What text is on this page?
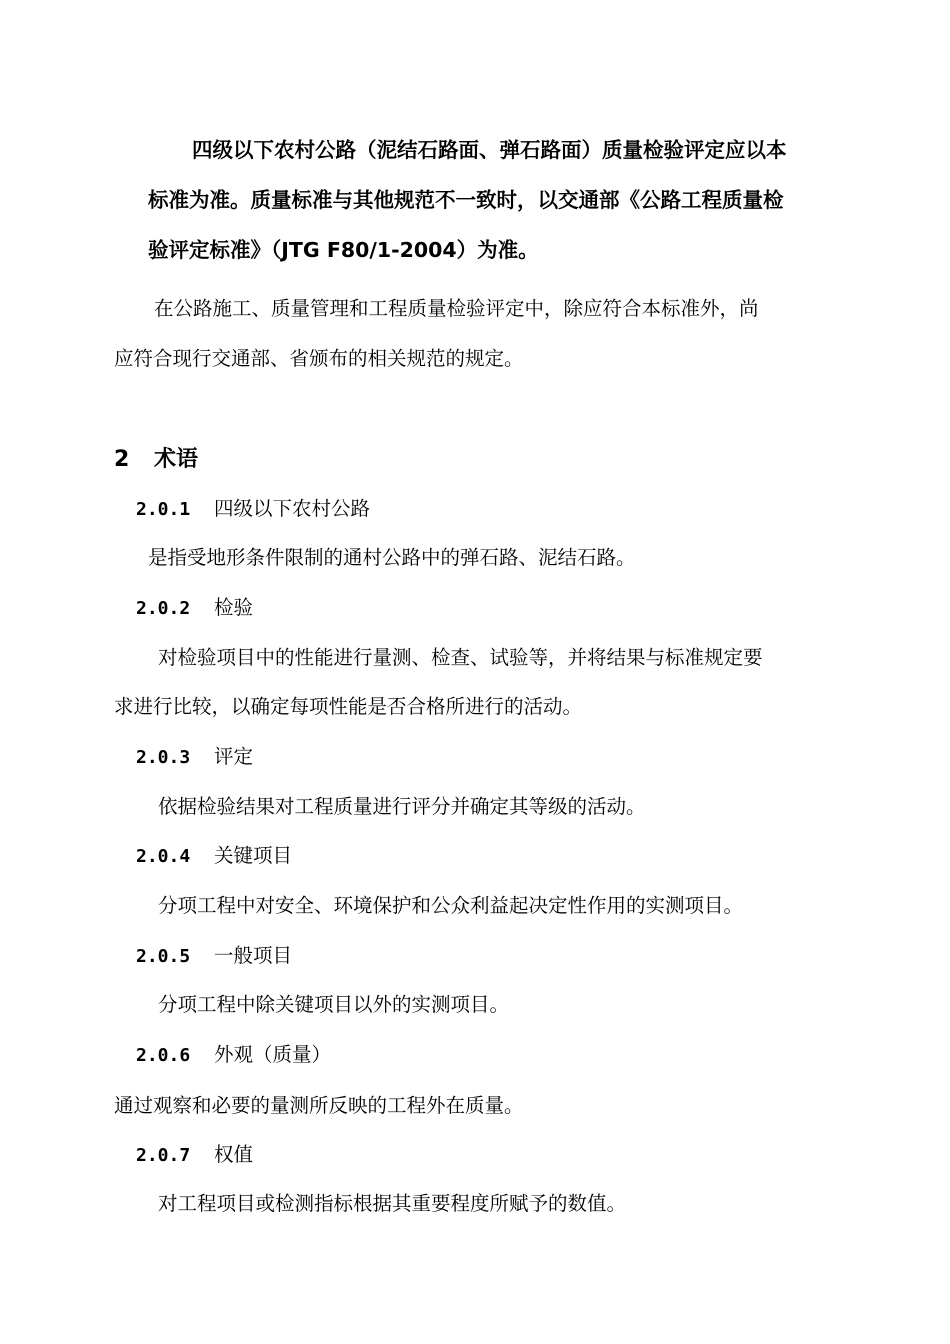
四级以下农村公路（泥结石路面、弹石路面）质量检验评定应以本

标准为准。质量标准与其他规范不一致时，以交通部《公路工程质量检

验评定标准》（JTG F80/1-2004）为准。

在公路施工、质量管理和工程质量检验评定中，除应符合本标准外，尚

应符合现行交通部、省颁布的相关规范的规定。

2 术语

2.0.1 四级以下农村公路

是指受地形条件限制的通村公路中的弹石路、泥结石路。

2.0.2 检验

对检验项目中的性能进行量测、检查、试验等，并将结果与标准规定要

求进行比较，以确定每项性能是否合格所进行的活动。

2.0.3 评定

依据检验结果对工程质量进行评分并确定其等级的活动。

2.0.4 关键项目

分项工程中对安全、环境保护和公众利益起决定性作用的实测项目。

2.0.5 一般项目

分项工程中除关键项目以外的实测项目。

2.0.6 外观（质量）

通过观察和必要的量测所反映的工程外在质量。

2.0.7 权值

对工程项目或检测指标根据其重要程度所赋予的数值。
